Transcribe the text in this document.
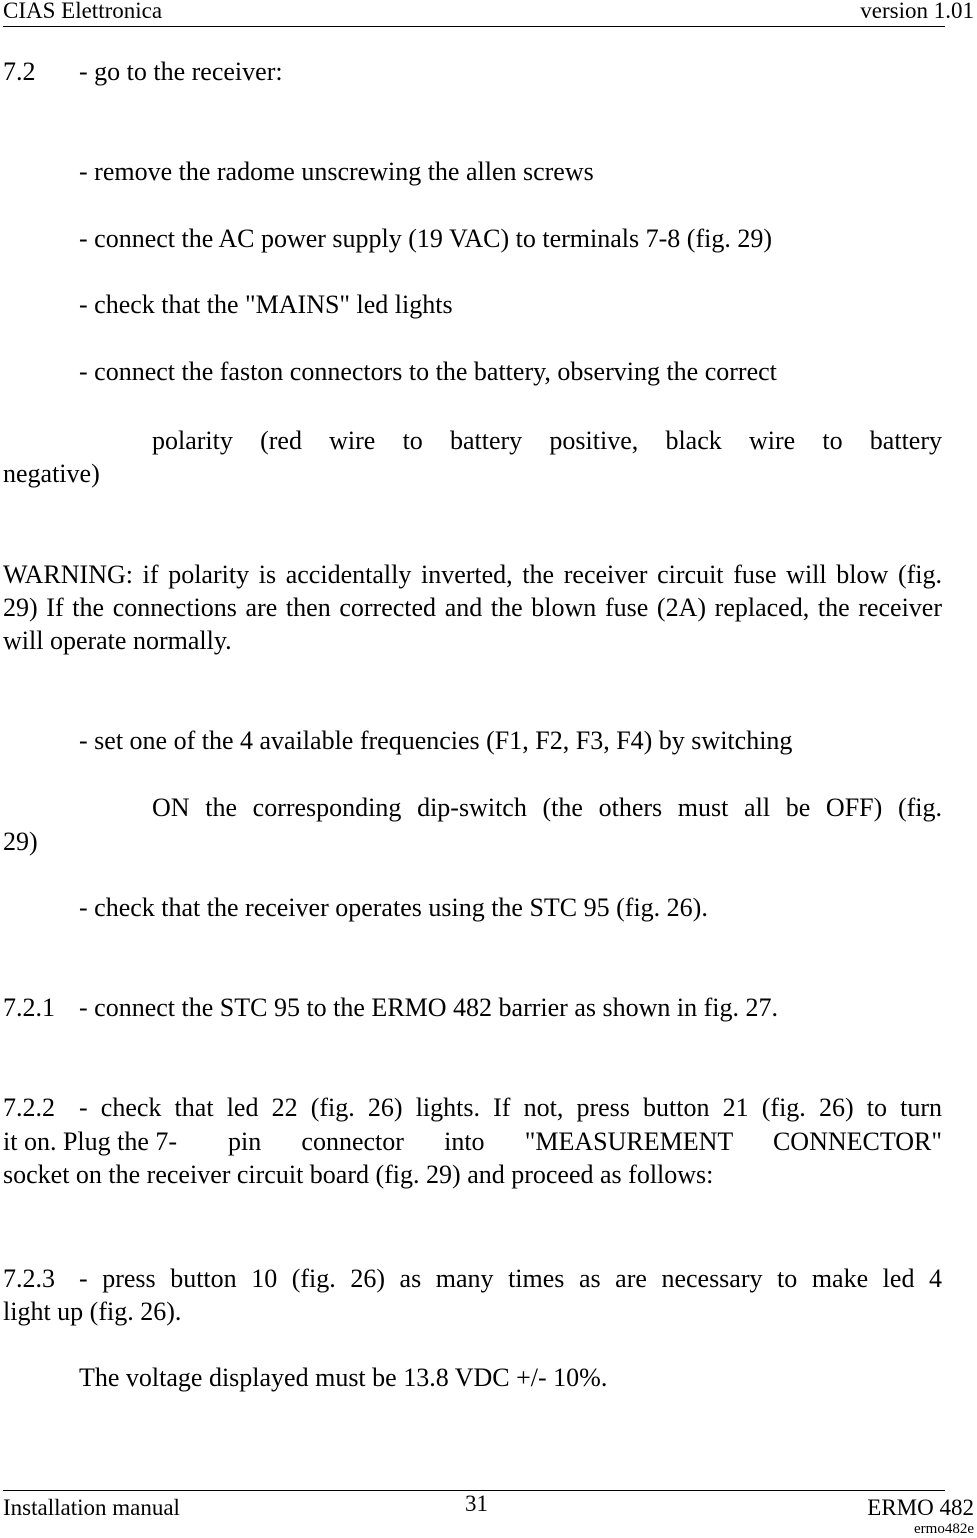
CIAS Elettronica	version 1.01
7.2 - go to the receiver:
- remove the radome unscrewing the allen screws
- connect the AC power supply (19 VAC) to terminals 7-8 (fig. 29)
- check that the "MAINS" led lights
- connect the faston connectors to the battery, observing the correct
polarity (red wire to battery positive, black wire to battery
negative)
WARNING: if polarity is accidentally inverted, the receiver circuit fuse will blow (fig. 29) If the connections are then corrected and the blown fuse (2A) replaced, the receiver will operate normally.
- set one of the 4 available frequencies (F1, F2, F3, F4) by switching
ON the corresponding dip-switch (the others must all be OFF) (fig.
29)
- check that the receiver operates using the STC 95 (fig. 26).
7.2.1 - connect the STC 95 to the ERMO 482 barrier as shown in fig. 27.
7.2.2 - check that led 22 (fig. 26) lights. If not, press button 21 (fig. 26) to turn
it on. Plug the 7- pin connector into "MEASUREMENT CONNECTOR"
socket on the receiver circuit board (fig. 29) and proceed as follows:
7.2.3 - press button 10 (fig. 26) as many times as are necessary to make led 4
light up (fig. 26).
The voltage displayed must be 13.8 VDC +/- 10%.
Installation manual	31	ERMO 482
ermo482e
